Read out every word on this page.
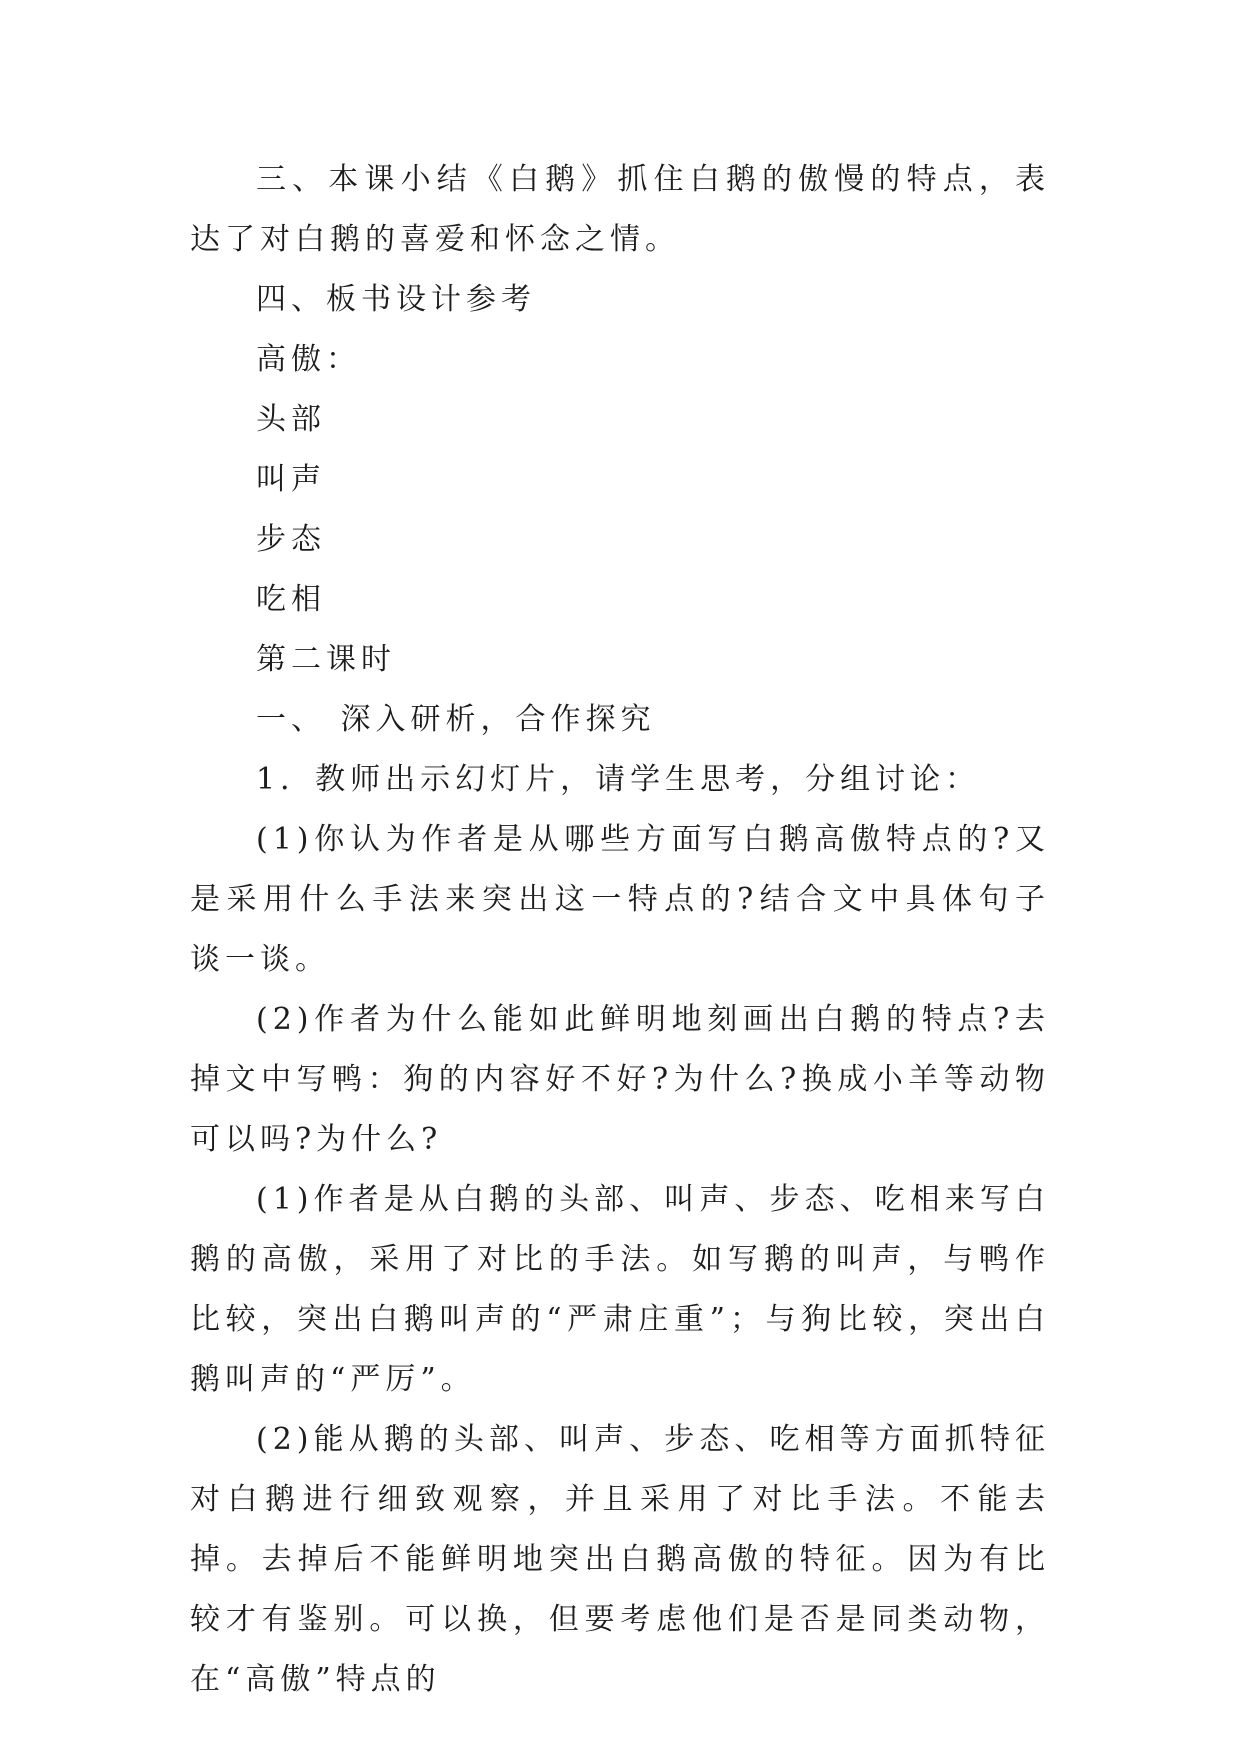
三、本课小结《白鹅》抓住白鹅的傲慢的特点，表达了对白鹅的喜爱和怀念之情。

四、板书设计参考

高傲：

头部

叫声

步态

吃相

第二课时

一、 深入研析，合作探究

1．教师出示幻灯片，请学生思考，分组讨论：

(1)你认为作者是从哪些方面写白鹅高傲特点的?又是采用什么手法来突出这一特点的?结合文中具体句子谈一谈。

(2)作者为什么能如此鲜明地刻画出白鹅的特点?去掉文中写鸭：狗的内容好不好?为什么?换成小羊等动物可以吗?为什么?

(1)作者是从白鹅的头部、叫声、步态、吃相来写白鹅的高傲，采用了对比的手法。如写鹅的叫声，与鸭作比较，突出白鹅叫声的“严肃庄重”；与狗比较，突出白鹅叫声的“严厉”。

(2)能从鹅的头部、叫声、步态、吃相等方面抓特征对白鹅进行细致观察，并且采用了对比手法。不能去掉。去掉后不能鲜明地突出白鹅高傲的特征。因为有比较才有鉴别。可以换，但要考虑他们是否是同类动物，在“高傲”特点的
